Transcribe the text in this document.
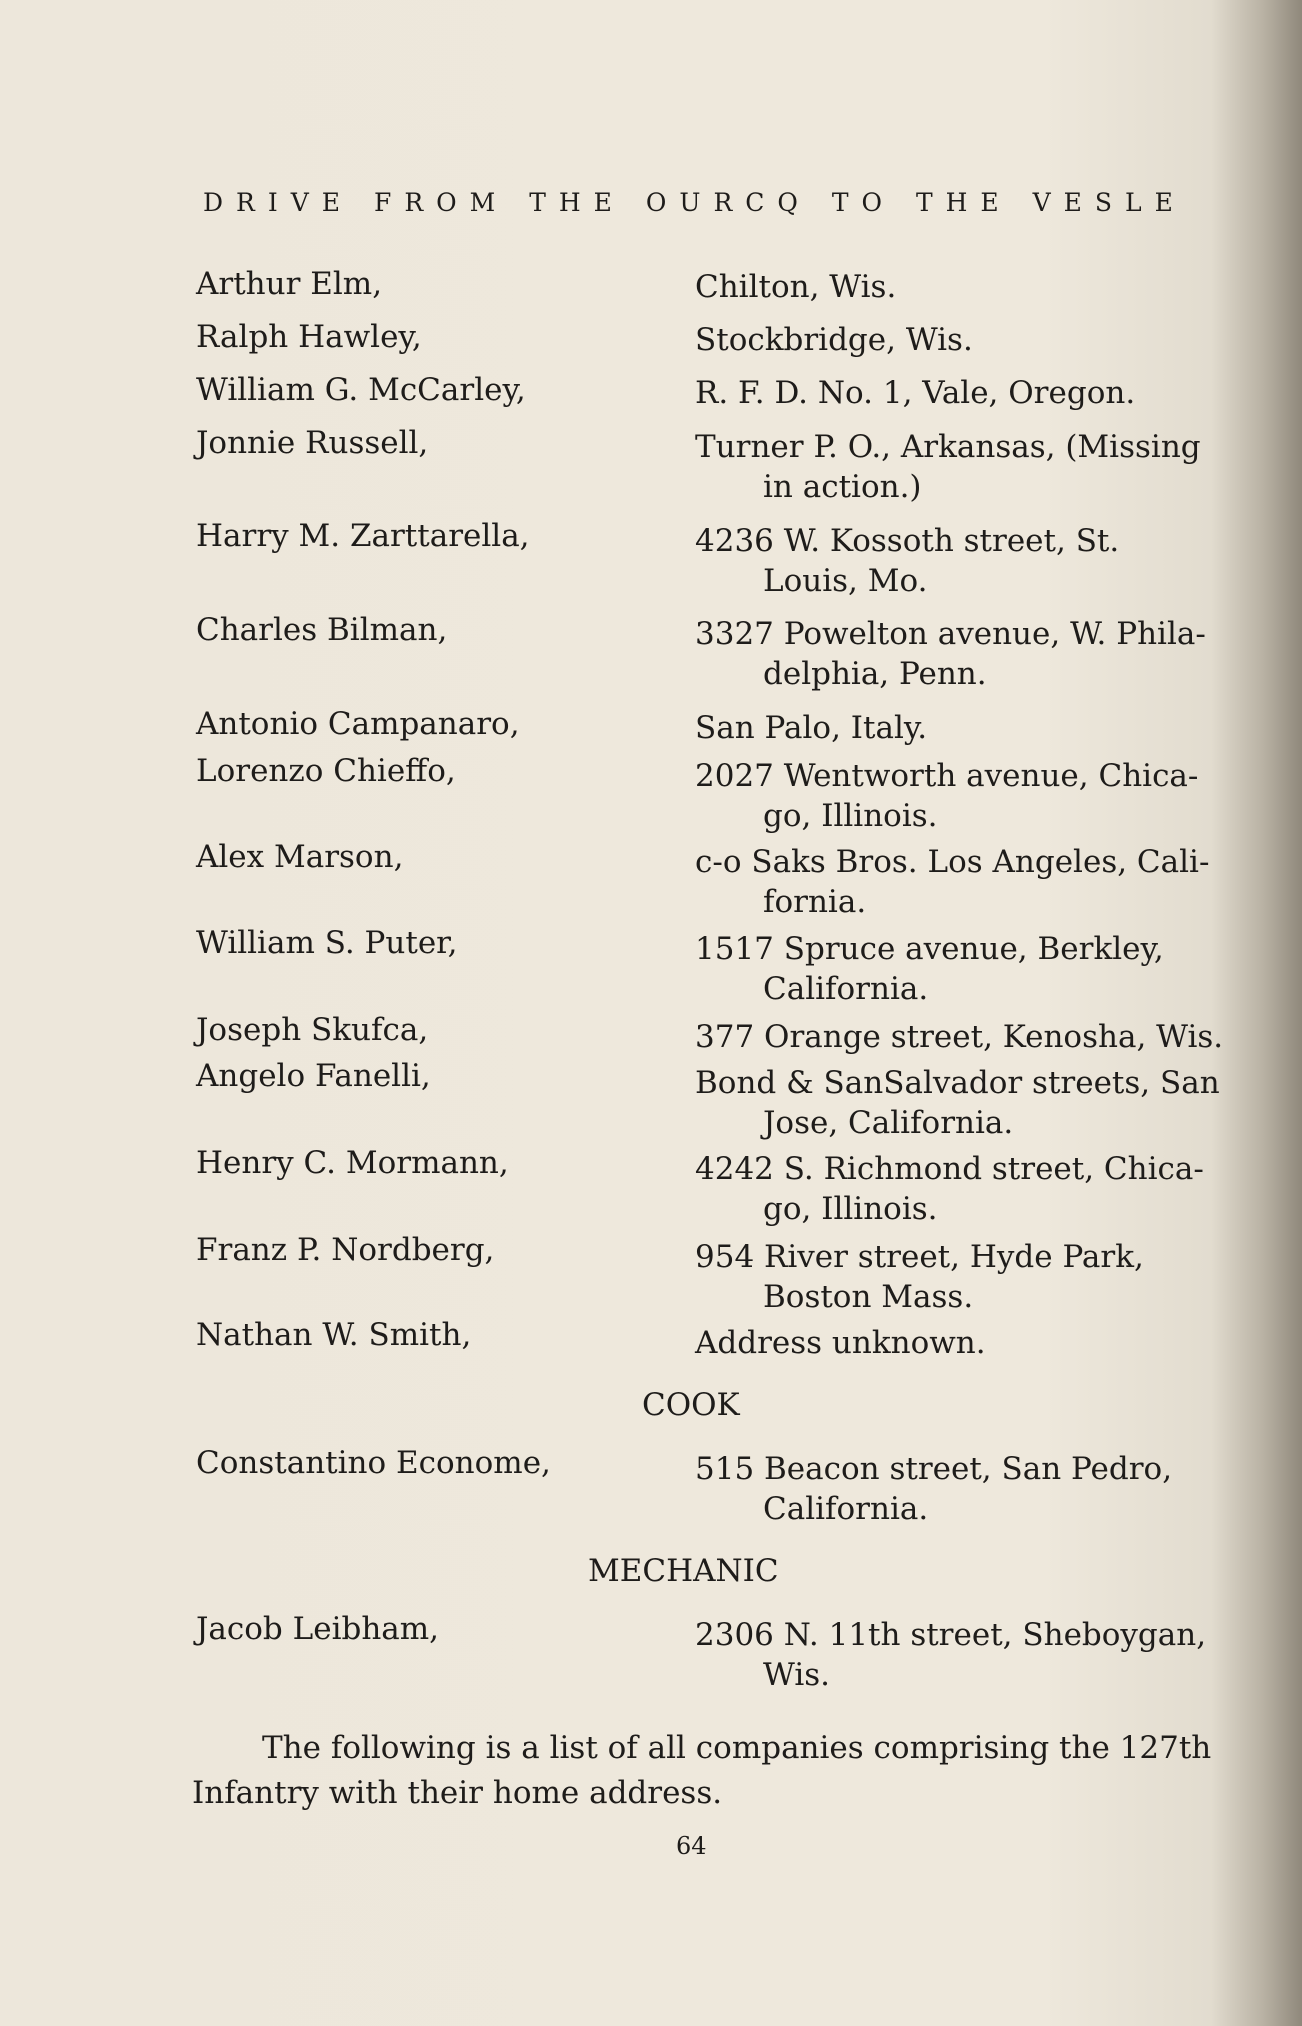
DRIVE FROM THE OURCQ TO THE VESLE
Arthur Elm,	Chilton, Wis.
Ralph Hawley,	Stockbridge, Wis.
William G. McCarley,	R. F. D. No. 1, Vale, Oregon.
Jonnie Russell,	Turner P. O., Arkansas, (Missing
in action.)
Harry M. Zarttarella,	4236 W. Kossoth street, St.
Louis, Mo.
Charles Bilman,	3327 Powelton avenue, W. Phila-
delphia, Penn.
Antonio Campanaro,	San Palo, Italy.
Lorenzo Chieffo,	2027 Wentworth avenue, Chica-
go, Illinois.
Alex Marson,	c-o Saks Bros. Los Angeles, Cali-
fornia.
William S. Puter,	1517 Spruce avenue, Berkley,
California.
Joseph Skufca,	377 Orange street, Kenosha, Wis.
Angelo Fanelli,	Bond & SanSalvador streets, San
Jose, California.
Henry C. Mormann,	4242 S. Richmond street, Chica-
go, Illinois.
Franz P. Nordberg,	954 River street, Hyde Park,
Boston Mass.
Nathan W. Smith,	Address unknown.
COOK
Constantino Econome,	515 Beacon street, San Pedro,
California.
MECHANIC
Jacob Leibham,	2306 N. 11th street, Sheboygan,
Wis.
The following is a list of all companies comprising the 127th
Infantry with their home address.
64
